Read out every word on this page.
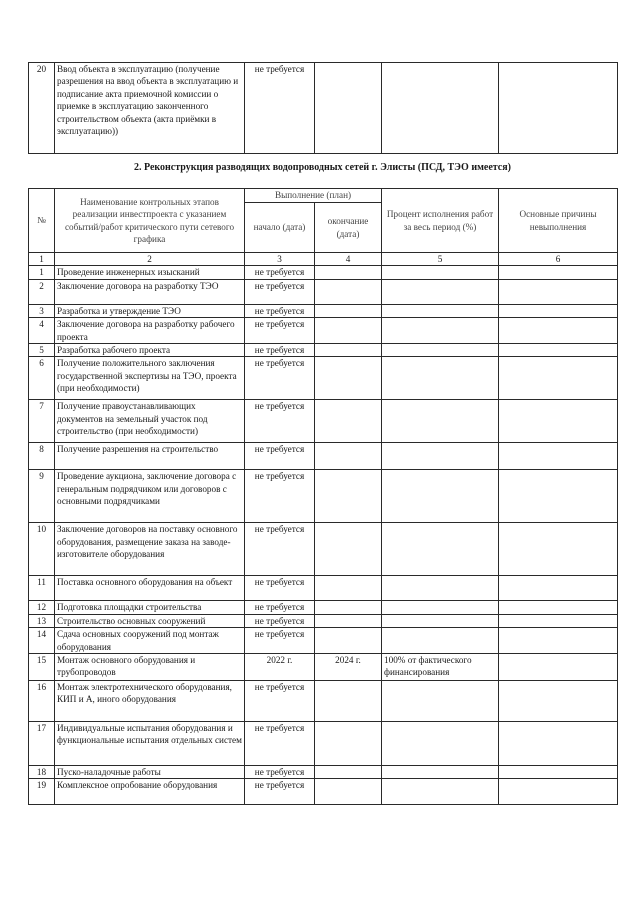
20	Ввод объекта в эксплуатацию (получение разрешения на ввод объекта в эксплуатацию и подписание акта приемочной комиссии о приемке в эксплуатацию законченного строительством объекта (акта приёмки в эксплуатацию))	не требуется			
2. Реконструкция разводящих водопроводных сетей г. Элисты (ПСД, ТЭО имеется)
№	Наименование контрольных этапов реализации инвестпроекта с указанием событий/работ критического пути сетевого графика	Выполнение (план)		Процент исполнения работ за весь период (%)	Основные причины невыполнения
		начало (дата)	окончание (дата)		
1	2	3	4	5	6
1	Проведение инженерных изысканий	не требуется			
2	Заключение договора на разработку ТЭО	не требуется			
3	Разработка и утверждение ТЭО	не требуется			
4	Заключение договора на разработку рабочего проекта	не требуется			
5	Разработка рабочего проекта	не требуется			
6	Получение положительного заключения государственной экспертизы на ТЭО, проекта (при необходимости)	не требуется			
7	Получение правоустанавливающих документов на земельный участок под строительство (при необходимости)	не требуется			
8	Получение разрешения на строительство	не требуется			
9	Проведение аукциона, заключение договора с генеральным подрядчиком или договоров с основными подрядчиками	не требуется			
10	Заключение договоров на поставку основного оборудования, размещение заказа на заводе-изготовителе оборудования	не требуется			
11	Поставка основного оборудования на объект	не требуется			
12	Подготовка площадки строительства	не требуется			
13	Строительство основных сооружений	не требуется			
14	Сдача основных сооружений под монтаж оборудования	не требуется			
15	Монтаж основного оборудования и трубопроводов	2022 г.	2024 г.	100% от фактического финансирования	
16	Монтаж электротехнического оборудования, КИП и А, иного оборудования	не требуется			
17	Индивидуальные испытания оборудования и функциональные испытания отдельных систем	не требуется			
18	Пуско-наладочные работы	не требуется			
19	Комплексное опробование оборудования	не требуется			
